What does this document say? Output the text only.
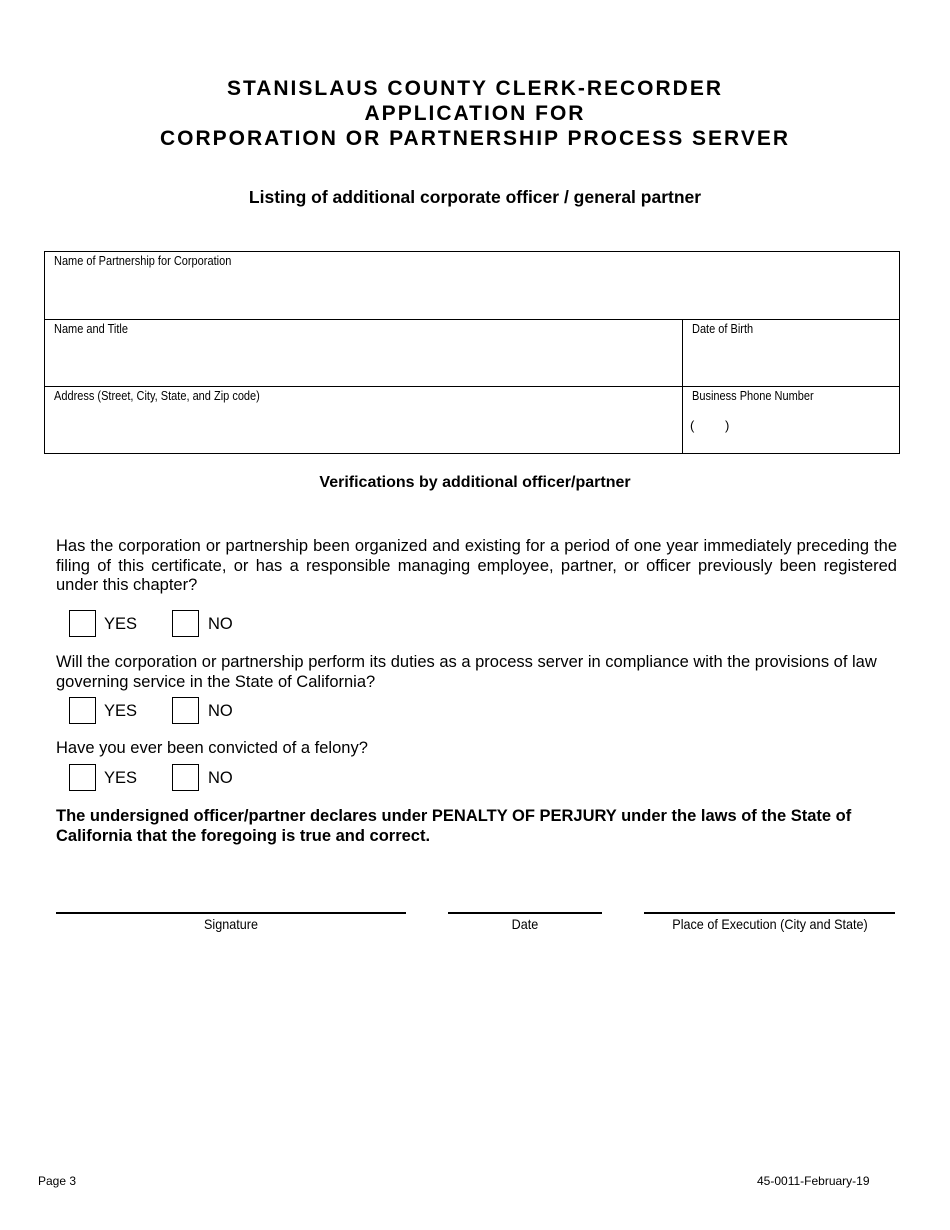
STANISLAUS COUNTY CLERK-RECORDER
APPLICATION FOR
CORPORATION OR PARTNERSHIP PROCESS SERVER
Listing of additional corporate officer / general partner
Name of Partnership for Corporation
Name and Title	Date of Birth
Address (Street, City, State, and Zip code)	Business Phone Number
( )
Verifications by additional officer/partner
Has the corporation or partnership been organized and existing for a period of one year immediately preceding the filing of this certificate, or has a responsible managing employee, partner, or officer previously been registered under this chapter?
YES	NO
Will the corporation or partnership perform its duties as a process server in compliance with the provisions of law governing service in the State of California?
YES	NO
Have you ever been convicted of a felony?
YES	NO
The undersigned officer/partner declares under PENALTY OF PERJURY under the laws of the State of California that the foregoing is true and correct.
Signature	Date	Place of Execution (City and State)
Page 3	45-0011-February-19
